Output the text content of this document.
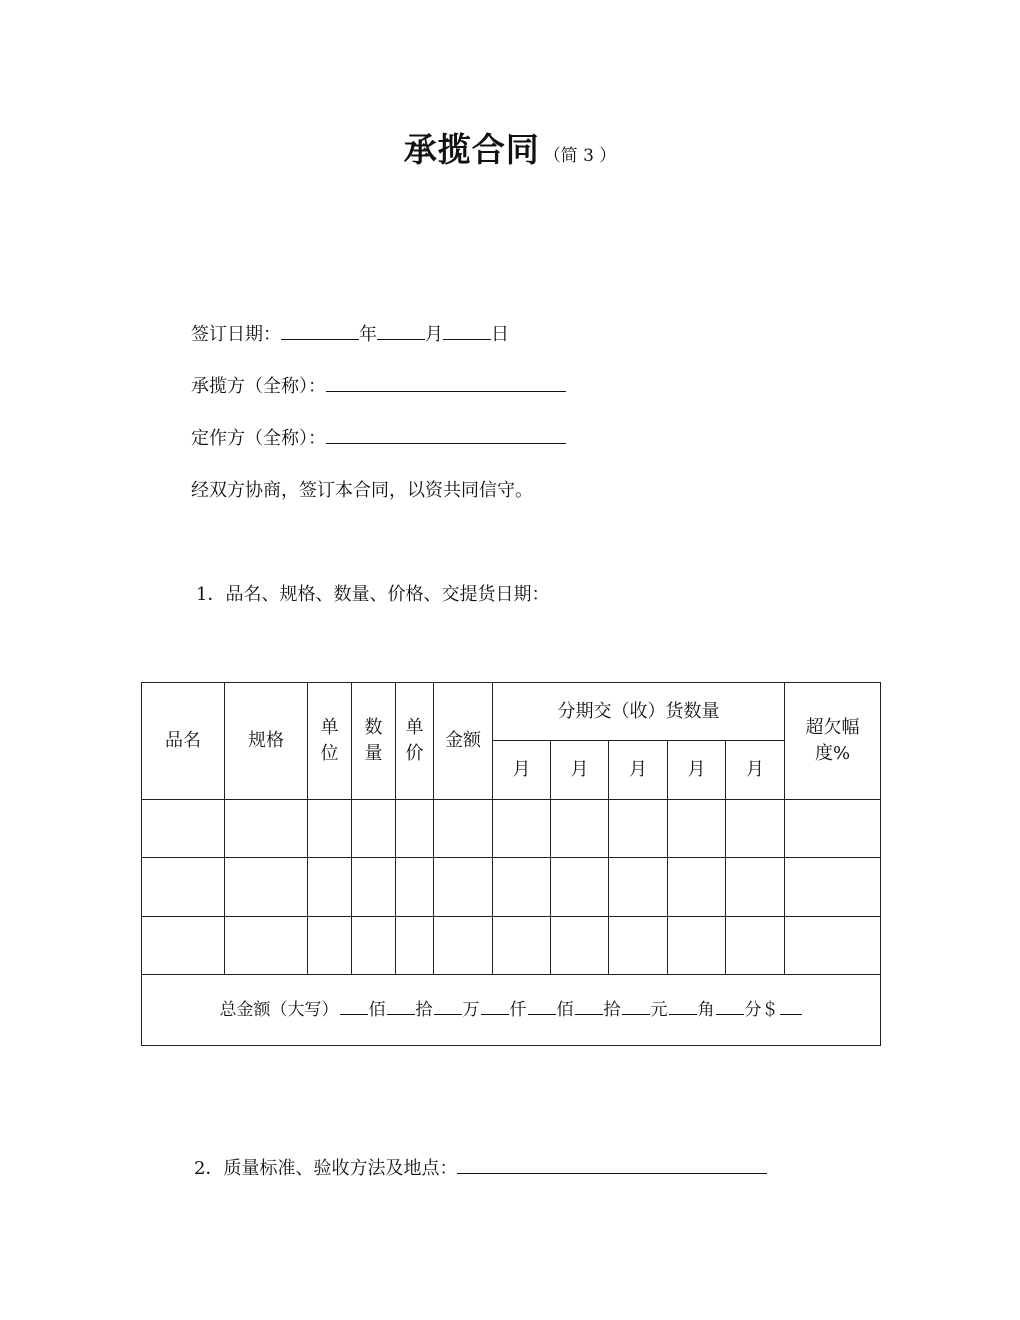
承揽合同 （简 3 ）
签订日期：	年	月	日
承揽方（全称）：
定作方（全称）：
经双方协商，签订本合同，以资共同信守。
1．品名、规格、数量、价格、交提货日期：
品名	规格	单位	数量	单价	金额	分期交（收）货数量					超欠幅
度%

						月	月	月	月	月	

总金额（大写） 佰 拾 万 仟 佰 拾 元 角 分＄											
2．质量标准、验收方法及地点：
